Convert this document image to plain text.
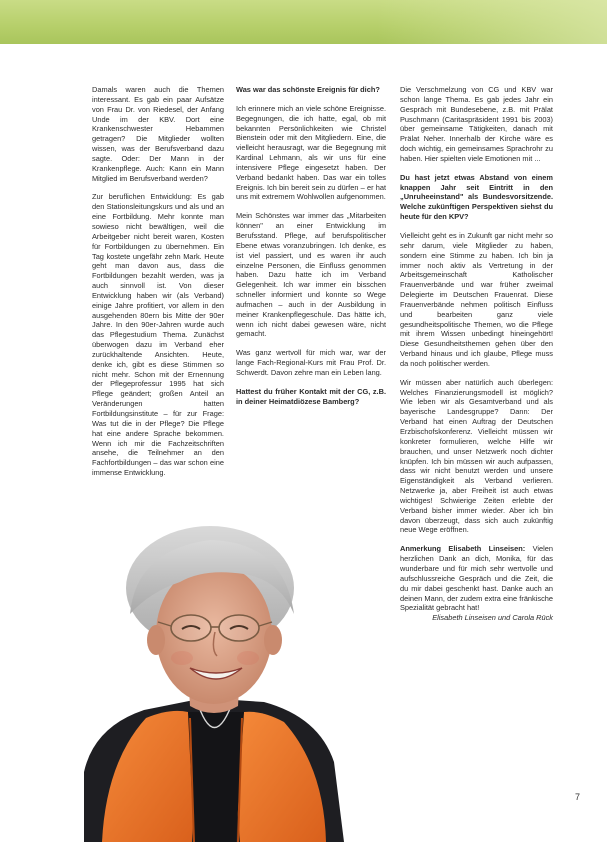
Damals waren auch die Themen interessant. Es gab ein paar Aufsätze von Frau Dr. von Riedesel, der Anfang Unde im der KBV. Dort eine Krankenschwester Hebammen getragen? Die Mitglieder wollten wissen, was der Berufsverband dazu sagte. Oder: Der Mann in der Krankenpflege. Auch: Kann ein Mann Mitglied im Berufsverband werden?

Zur beruflichen Entwicklung: Es gab den Stationsleitungskurs und als und an eine Fortbildung. Mehr konnte man sowieso nicht bewältigen, weil die Arbeitgeber nicht bereit waren, Kosten für Fortbildungen zu übernehmen. Ein Tag kostete ungefähr zehn Mark. Heute geht man davon aus, dass die Fortbildungen bezahlt werden, was ja auch sinnvoll ist. Von dieser Entwicklung haben wir (als Verband) einige Jahre profitiert, vor allem in den ausgehenden 80ern bis Mitte der 90er Jahre. In den 90er-Jahren wurde auch das Pflegestudium Thema. Zunächst überwogen dazu im Verband eher zurückhaltende Ansichten. Heute, denke ich, gibt es diese Stimmen so nicht mehr. Schon mit der Ernennung der Pflegeprofessur 1995 hat sich Pflege geändert; großen Anteil an Veränderungen hatten Fortbildungsinstitute – für zur Frage: Was tut die in der Pflege? Die Pflege hat eine andere Sprache bekommen. Wenn ich mir die Fachzeitschriften ansehe, die Teilnehmer an den Fachfortbildungen – das war schon eine immense Entwicklung.

Was war das schönste Ereignis für dich?

Ich erinnere mich an viele schöne Ereignisse. Begegnungen, die ich hatte, egal, ob mit bekannten Persönlichkeiten wie Christel Bienstein oder mit den Mitgliedern. Eine, die vielleicht herausragt, war die Begegnung mit Kardinal Lehmann, als wir uns für eine intensivere Pflege eingesetzt haben. Der Verband bedankt haben. Das war ein tolles Ereignis. Ich bin bereit sein zu dürfen – er hat uns mit extremem Wohlwollen aufgenommen.

Mein Schönstes war immer das „Mitarbeiten können" an einer Entwicklung im Berufsstand. Pflege, auf berufspolitischer Ebene etwas voranzubringen. Ich denke, es ist viel passiert, und es waren ihr auch einzelne Personen, die Einfluss genommen haben. Dazu hatte ich im Verband Gelegenheit. Ich war immer ein bisschen schneller informiert und konnte so Wege aufmachen – auch in der Ausbildung in meiner Krankenpflegeschule. Das hätte ich, wenn ich nicht dabei gewesen wäre, nicht gemacht.

Was ganz wertvoll für mich war, war der lange Fach-Regional-Kurs mit Frau Prof. Dr. Schwerdt. Davon zehre man ein Leben lang.

Hattest du früher Kontakt mit der CG, z.B. in deiner Heimatdiözese Bamberg?

Die Verschmelzung von CG und KBV war schon lange Thema. Es gab jedes Jahr ein Gespräch mit Bundesebene, z.B. mit Prälat Puschmann (Caritaspräsident 1991 bis 2003) über gemeinsame Tätigkeiten, danach mit Prälat Neher. Innerhalb der Kirche wäre es doch wichtig, ein gemeinsames Sprachrohr zu haben. Hier spielten viele Emotionen mit ...

Du hast jetzt etwas Abstand von einem knappen Jahr seit Eintritt in den „Unruheeinstand" als Bundesvorsitzende. Welche zukünftigen Perspektiven siehst du heute für den KPV?

Vielleicht geht es in Zukunft gar nicht mehr so sehr darum, viele Mitglieder zu haben, sondern eine Stimme zu haben. Ich bin ja immer noch aktiv als Vertretung in der Arbeitsgemeinschaft Katholischer Frauenverbände und war früher zweimal Delegierte im Deutschen Frauenrat. Diese Frauenverbände nehmen politisch Einfluss und bearbeiten ganz viele gesundheitspolitische Themen, wo die Pflege mit ihrem Wissen unbedingt hineingehört! Diese Gesundheitsthemen gehen über den Verband hinaus und ich glaube, Pflege muss da noch politischer werden.

Wir müssen aber natürlich auch überlegen: Welches Finanzierungsmodell ist möglich? Wie leben wir als Gesamtverband und als bayerische Landesgruppe? Dann: Der Verband hat einen Auftrag der Deutschen Erzbischofskonferenz. Vielleicht müssen wir konkreter formulieren, welche Hilfe wir brauchen, und unser Netzwerk noch dichter knüpfen. Ich bin müssen wir auch aufpassen, dass wir nicht benutzt werden und unsere Eigenständigkeit als Verband verlieren. Netzwerke ja, aber Freiheit ist auch etwas wichtiges! Schwierige Zeiten erlebte der Verband bisher immer wieder. Aber ich bin davon überzeugt, dass sich auch zukünftig neue Wege eröffnen.

Anmerkung Elisabeth Linseisen: Vielen herzlichen Dank an dich, Monika, für das wunderbare und für mich sehr wertvolle und aufschlussreiche Gespräch und die Zeit, die du mir dabei geschenkt hast. Danke auch an deinen Mann, der zudem extra eine fränkische Spezialität gebracht hat!

Elisabeth Linseisen und Carola Rück

7
